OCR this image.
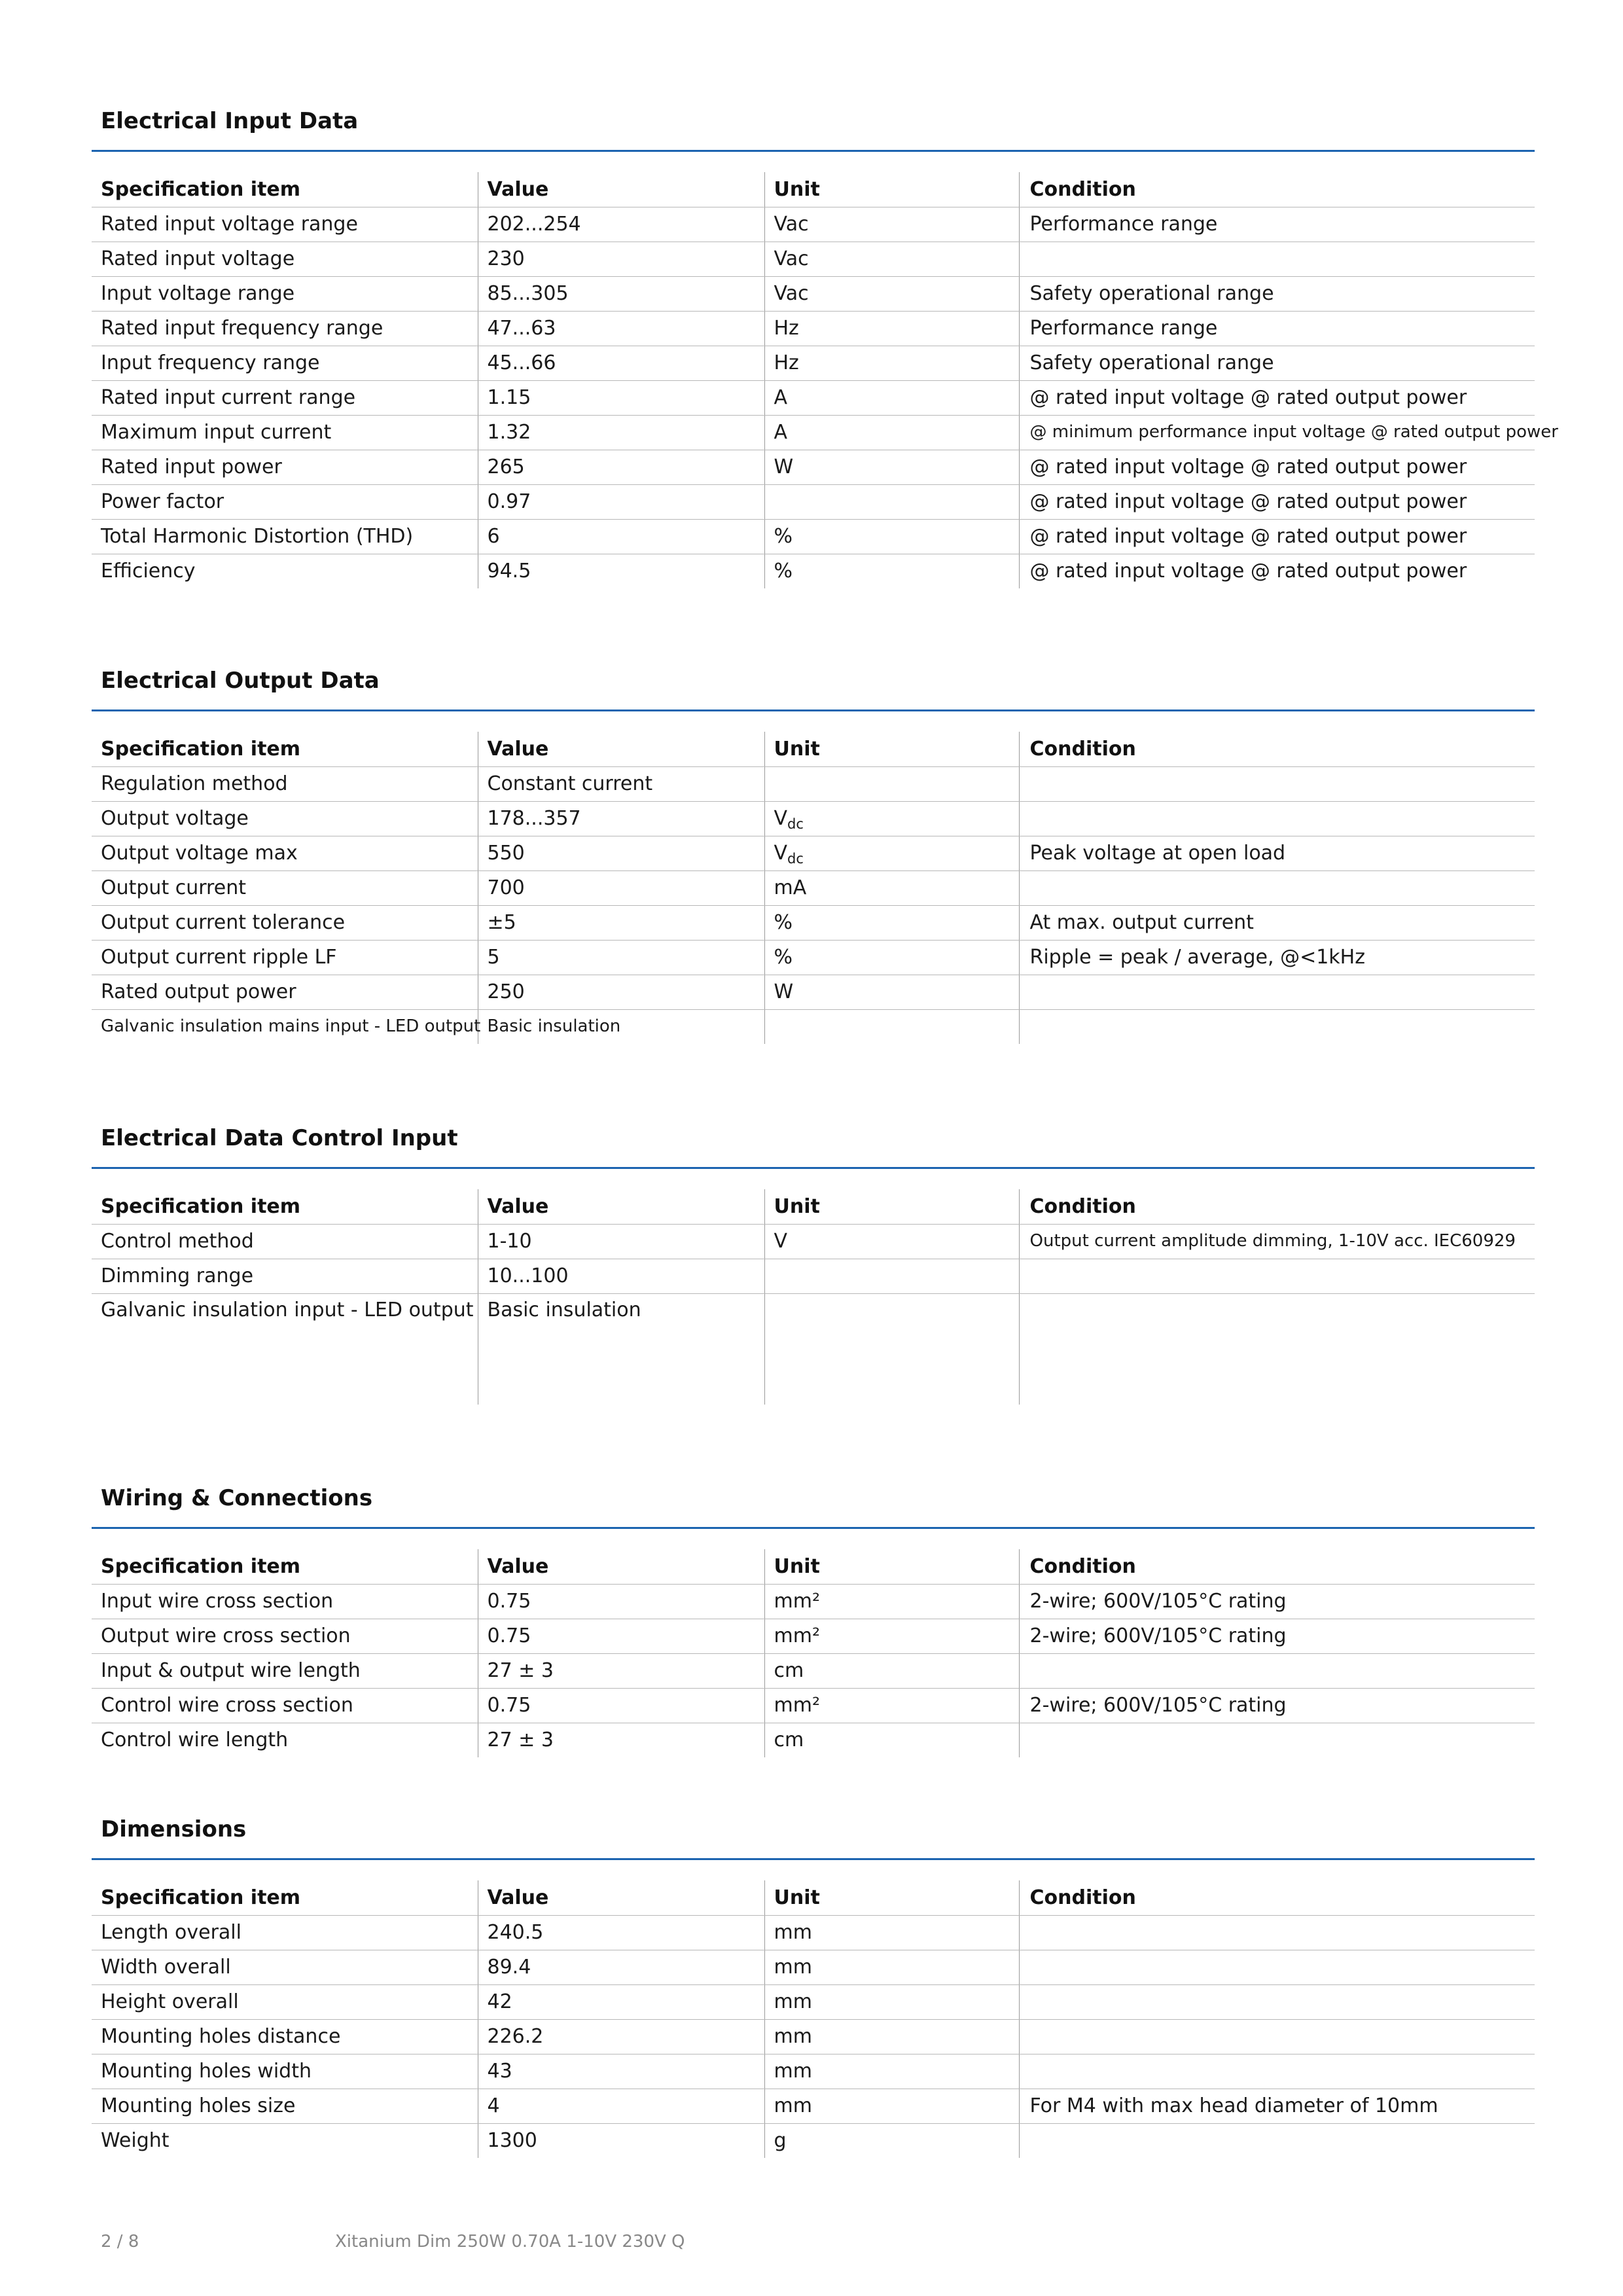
Electrical Input Data
Specification item	Value	Unit	Condition
Rated input voltage range	202...254	Vac	Performance range
Rated input voltage	230	Vac	
Input voltage range	85...305	Vac	Safety operational range
Rated input frequency range	47...63	Hz	Performance range
Input frequency range	45...66	Hz	Safety operational range
Rated input current range	1.15	A	@ rated input voltage @ rated output power
Maximum input current	1.32	A	@ minimum performance input voltage @ rated output power
Rated input power	265	W	@ rated input voltage @ rated output power
Power factor	0.97		@ rated input voltage @ rated output power
Total Harmonic Distortion (THD)	6	%	@ rated input voltage @ rated output power
Efficiency	94.5	%	@ rated input voltage @ rated output power
Electrical Output Data
Specification item	Value	Unit	Condition
Regulation method	Constant current		
Output voltage	178...357	$V_{dc}$	
Output voltage max	550	$V_{dc}$	Peak voltage at open load
Output current	700	mA	
Output current tolerance	±5	%	At max. output current
Output current ripple LF	5	%	Ripple = peak / average, @<1kHz
Rated output power	250	W	
Galvanic insulation mains input - LED output	Basic insulation		
Electrical Data Control Input
Specification item	Value	Unit	Condition
Control method	1-10	V	Output current amplitude dimming, 1-10V acc. IEC60929
Dimming range	10...100		
Galvanic insulation input - LED output	Basic insulation		
Wiring & Connections
Specification item	Value	Unit	Condition
Input wire cross section	0.75	mm²	2-wire; 600V/105°C rating
Output wire cross section	0.75	mm²	2-wire; 600V/105°C rating
Input & output wire length	27 ± 3	cm	
Control wire cross section	0.75	mm²	2-wire; 600V/105°C rating
Control wire length	27 ± 3	cm	
Dimensions
Specification item	Value	Unit	Condition
Length overall	240.5	mm	
Width overall	89.4	mm	
Height overall	42	mm	
Mounting holes distance	226.2	mm	
Mounting holes width	43	mm	
Mounting holes size	4	mm	For M4 with max head diameter of 10mm
Weight	1300	g	
2 / 8	Xitanium Dim 250W 0.70A 1-10V 230V Q
